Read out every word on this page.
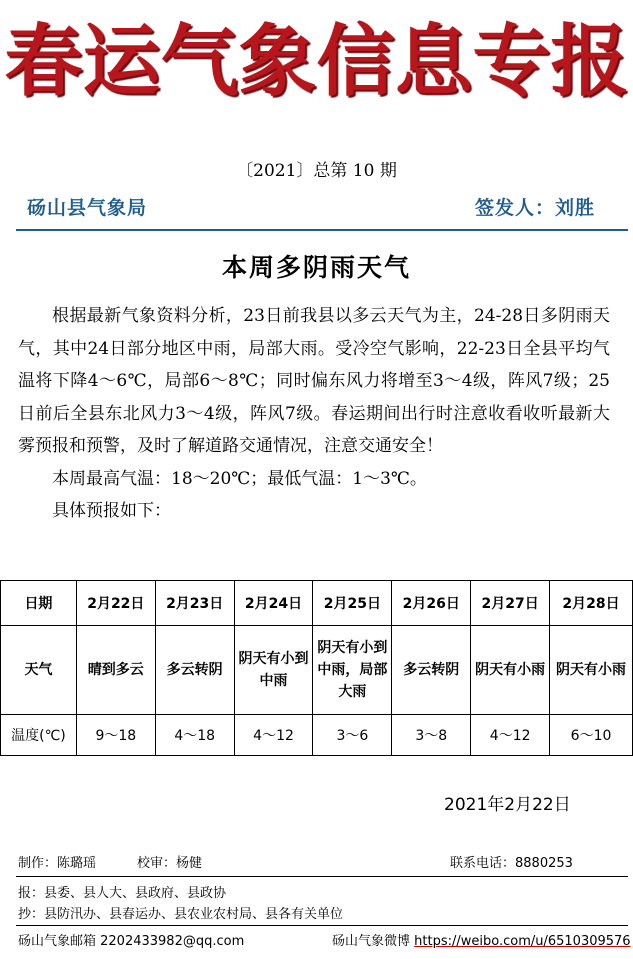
春运气象信息专报
〔2021〕总第 10 期
砀山县气象局	签发人：刘胜
本周多阴雨天气

根据最新气象资料分析，23日前我县以多云天气为主，24-28日多阴雨天气，其中24日部分地区中雨，局部大雨。受冷空气影响，22-23日全县平均气温将下降4～6℃，局部6～8℃；同时偏东风力将增至3～4级，阵风7级；25日前后全县东北风力3～4级，阵风7级。春运期间出行时注意收看收听最新大雾预报和预警，及时了解道路交通情况，注意交通安全！

本周最高气温：18～20℃；最低气温：1～3℃。

具体预报如下：

日期	2月22日	2月23日	2月24日	2月25日	2月26日	2月27日	2月28日
天气	晴到多云	多云转阴	阴天有小到中雨	阴天有小到中雨，局部大雨	多云转阴	阴天有小雨	阴天有小雨
温度(℃)	9～18	4～18	4～12	3～6	3～8	4～12	6～10
2021年2月22日
制作：陈璐瑶	校审：杨健	联系电话：8880253
报：县委、县人大、县政府、县政协
抄：县防汛办、县春运办、县农业农村局、县各有关单位
砀山气象邮箱 2202433982@qq.com	砀山气象微博 https://weibo.com/u/6510309576
